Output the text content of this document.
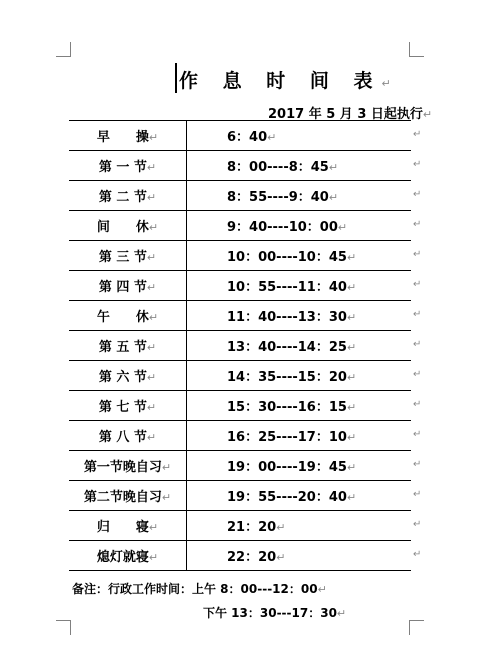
作 息 时 间 表↵
2017 年 5 月 3 日起执行↵
早　　操↵	6：40↵
第 一 节↵	8：00----8：45↵
第 二 节↵	8：55----9：40↵
间　　休↵	9：40----10：00↵
第 三 节↵	10：00----10：45↵
第 四 节↵	10：55----11：40↵
午　　休↵	11：40----13：30↵
第 五 节↵	13：40----14：25↵
第 六 节↵	14：35----15：20↵
第 七 节↵	15：30----16：15↵
第 八 节↵	16：25----17：10↵
第一节晚自习↵	19：00----19：45↵
第二节晚自习↵	19：55----20：40↵
归　　寝↵	21：20↵
熄灯就寝↵	22：20↵
↵
↵
↵
↵
↵
↵
↵
↵
↵
↵
↵
↵
↵
↵
↵
备注：行政工作时间：上午 8：00---12：00↵
下午 13：30---17：30↵
